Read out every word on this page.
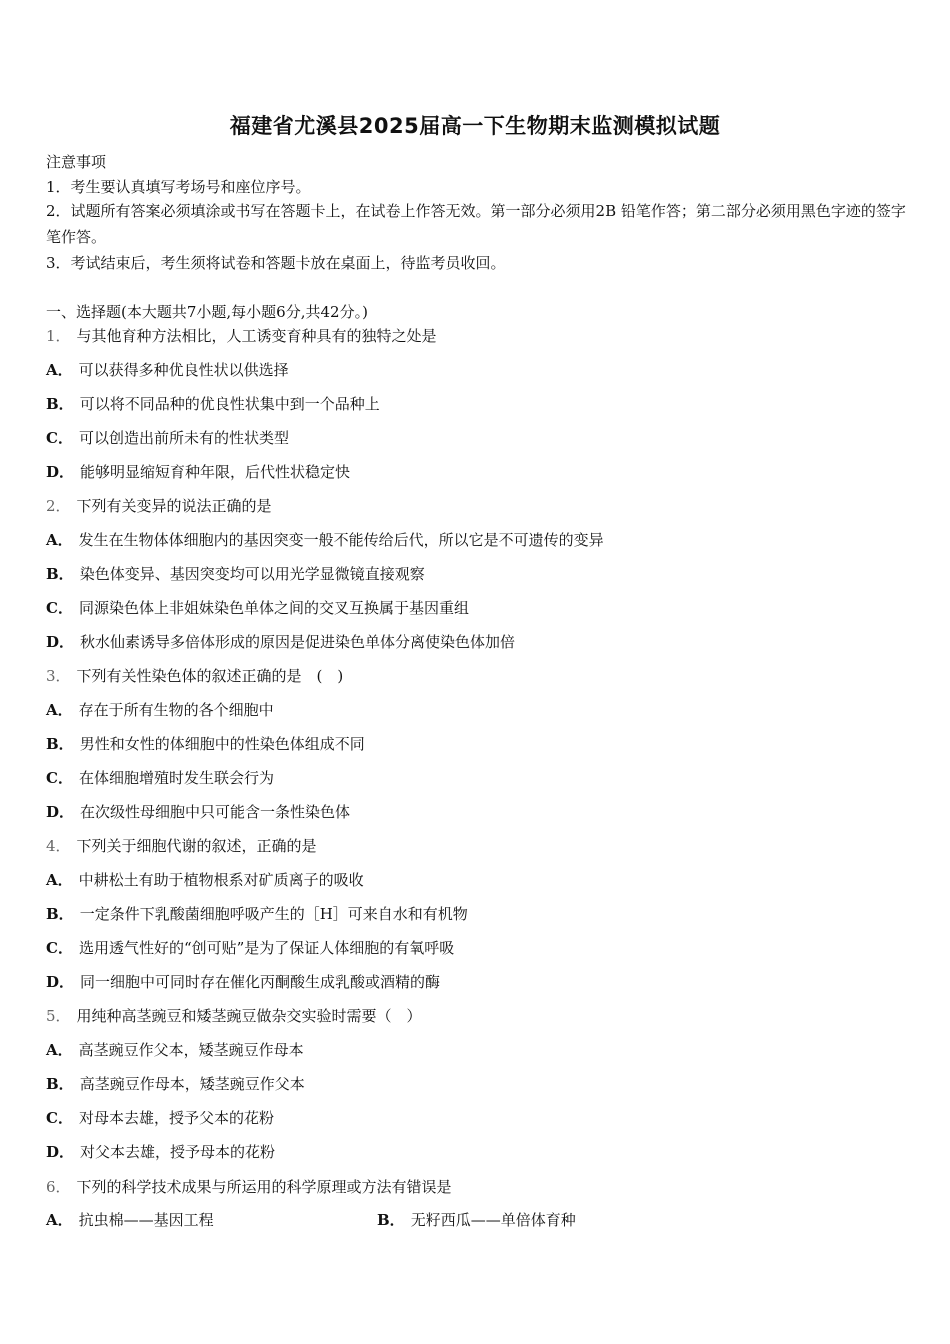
福建省尤溪县2025届高一下生物期末监测模拟试题
注意事项
1．考生要认真填写考场号和座位序号。
2．试题所有答案必须填涂或书写在答题卡上，在试卷上作答无效。第一部分必须用2B 铅笔作答；第二部分必须用黑色字迹的签字笔作答。
3．考试结束后，考生须将试卷和答题卡放在桌面上，待监考员收回。
一、选择题(本大题共7小题,每小题6分,共42分。)
1． 与其他育种方法相比，人工诱变育种具有的独特之处是
A． 可以获得多种优良性状以供选择
B． 可以将不同品种的优良性状集中到一个品种上
C． 可以创造出前所未有的性状类型
D． 能够明显缩短育种年限，后代性状稳定快
2． 下列有关变异的说法正确的是
A． 发生在生物体体细胞内的基因突变一般不能传给后代，所以它是不可遗传的变异
B． 染色体变异、基因突变均可以用光学显微镜直接观察
C． 同源染色体上非姐妹染色单体之间的交叉互换属于基因重组
D． 秋水仙素诱导多倍体形成的原因是促进染色单体分离使染色体加倍
3． 下列有关性染色体的叙述正确的是　(　)
A． 存在于所有生物的各个细胞中
B． 男性和女性的体细胞中的性染色体组成不同
C． 在体细胞增殖时发生联会行为
D． 在次级性母细胞中只可能含一条性染色体
4． 下列关于细胞代谢的叙述，正确的是
A． 中耕松土有助于植物根系对矿质离子的吸收
B． 一定条件下乳酸菌细胞呼吸产生的［H］可来自水和有机物
C． 选用透气性好的“创可贴”是为了保证人体细胞的有氧呼吸
D． 同一细胞中可同时存在催化丙酮酸生成乳酸或酒精的酶
5． 用纯种高茎豌豆和矮茎豌豆做杂交实验时需要（　）
A． 高茎豌豆作父本，矮茎豌豆作母本
B． 高茎豌豆作母本，矮茎豌豆作父本
C． 对母本去雄，授予父本的花粉
D． 对父本去雄，授予母本的花粉
6． 下列的科学技术成果与所运用的科学原理或方法有错误是
A． 抗虫棉——基因工程	B． 无籽西瓜——单倍体育种
